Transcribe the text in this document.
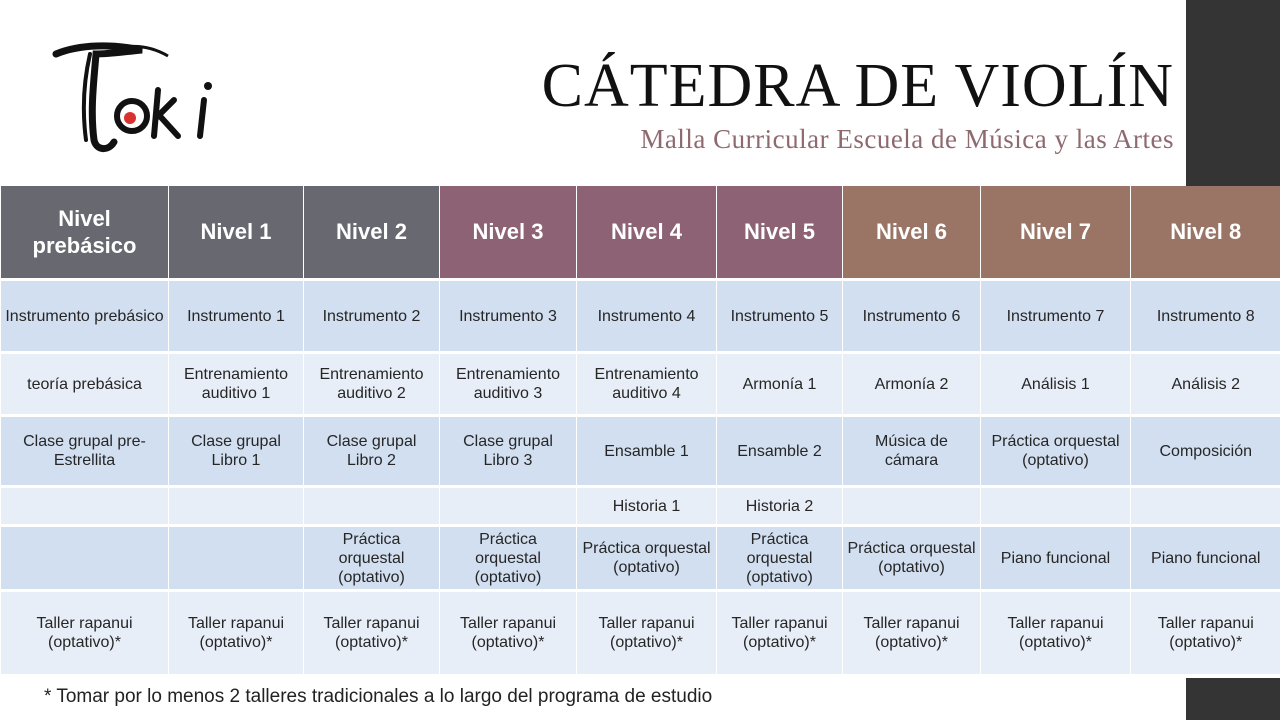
CÁTEDRA DE VIOLÍN
Malla Curricular Escuela de Música y las Artes
Nivel prebásico	Nivel 1	Nivel 2	Nivel 3	Nivel 4	Nivel 5	Nivel 6	Nivel 7	Nivel 8
Instrumento prebásico	Instrumento 1	Instrumento 2	Instrumento 3	Instrumento 4	Instrumento 5	Instrumento 6	Instrumento 7	Instrumento 8
teoría prebásica	Entrenamiento auditivo 1	Entrenamiento auditivo 2	Entrenamiento auditivo 3	Entrenamiento auditivo 4	Armonía 1	Armonía 2	Análisis 1	Análisis 2
Clase grupal pre-Estrellita	Clase grupal Libro 1	Clase grupal Libro 2	Clase grupal Libro 3	Ensamble 1	Ensamble 2	Música de cámara	Práctica orquestal (optativo)	Composición
				Historia 1	Historia 2			
		Práctica orquestal (optativo)	Práctica orquestal (optativo)	Práctica orquestal (optativo)	Práctica orquestal (optativo)	Práctica orquestal (optativo)	Piano funcional	Piano funcional
Taller rapanui (optativo)*	Taller rapanui (optativo)*	Taller rapanui (optativo)*	Taller rapanui (optativo)*	Taller rapanui (optativo)*	Taller rapanui (optativo)*	Taller rapanui (optativo)*	Taller rapanui (optativo)*	Taller rapanui (optativo)*
* Tomar por lo menos 2 talleres tradicionales a lo largo del programa de estudio
